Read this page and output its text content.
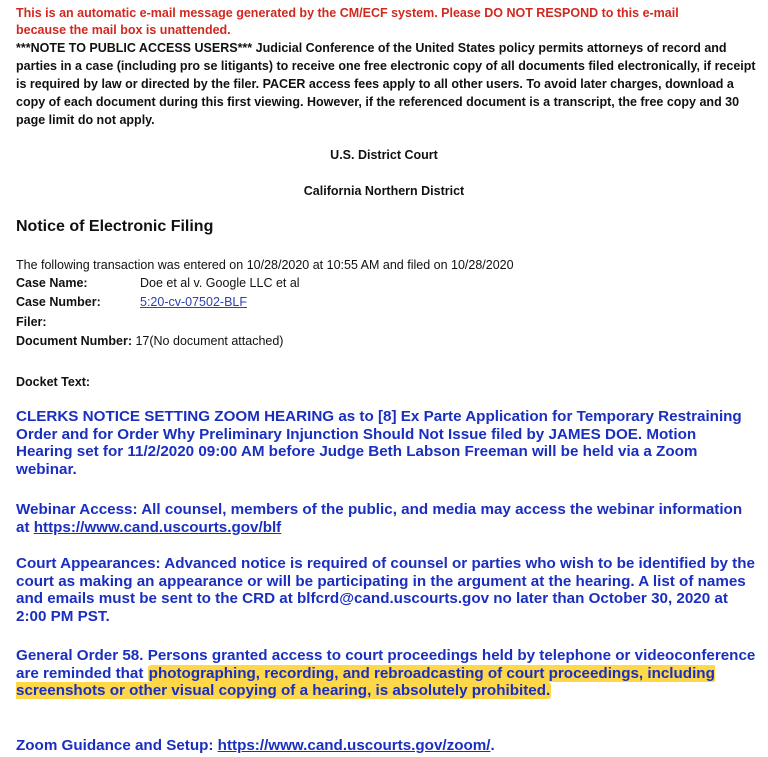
This is an automatic e-mail message generated by the CM/ECF system. Please DO NOT RESPOND to this e-mail
because the mail box is unattended.
***NOTE TO PUBLIC ACCESS USERS*** Judicial Conference of the United States policy permits attorneys of record and parties in a case (including pro se litigants) to receive one free electronic copy of all documents filed electronically, if receipt is required by law or directed by the filer. PACER access fees apply to all other users. To avoid later charges, download a copy of each document during this first viewing. However, if the referenced document is a transcript, the free copy and 30 page limit do not apply.
U.S. District Court
California Northern District
Notice of Electronic Filing
The following transaction was entered on 10/28/2020 at 10:55 AM and filed on 10/28/2020
Case Name:	Doe et al v. Google LLC et al
Case Number:	5:20-cv-07502-BLF
Filer:
Document Number: 17(No document attached)
Docket Text:
CLERKS NOTICE SETTING ZOOM HEARING as to [8] Ex Parte Application for Temporary Restraining Order and for Order Why Preliminary Injunction Should Not Issue filed by JAMES DOE. Motion Hearing set for 11/2/2020 09:00 AM before Judge Beth Labson Freeman will be held via a Zoom webinar.
Webinar Access: All counsel, members of the public, and media may access the webinar information at https://www.cand.uscourts.gov/blf
Court Appearances: Advanced notice is required of counsel or parties who wish to be identified by the court as making an appearance or will be participating in the argument at the hearing. A list of names and emails must be sent to the CRD at blfcrd@cand.uscourts.gov no later than October 30, 2020 at 2:00 PM PST.
General Order 58. Persons granted access to court proceedings held by telephone or videoconference are reminded that photographing, recording, and rebroadcasting of court proceedings, including screenshots or other visual copying of a hearing, is absolutely prohibited.
Zoom Guidance and Setup: https://www.cand.uscourts.gov/zoom/.
